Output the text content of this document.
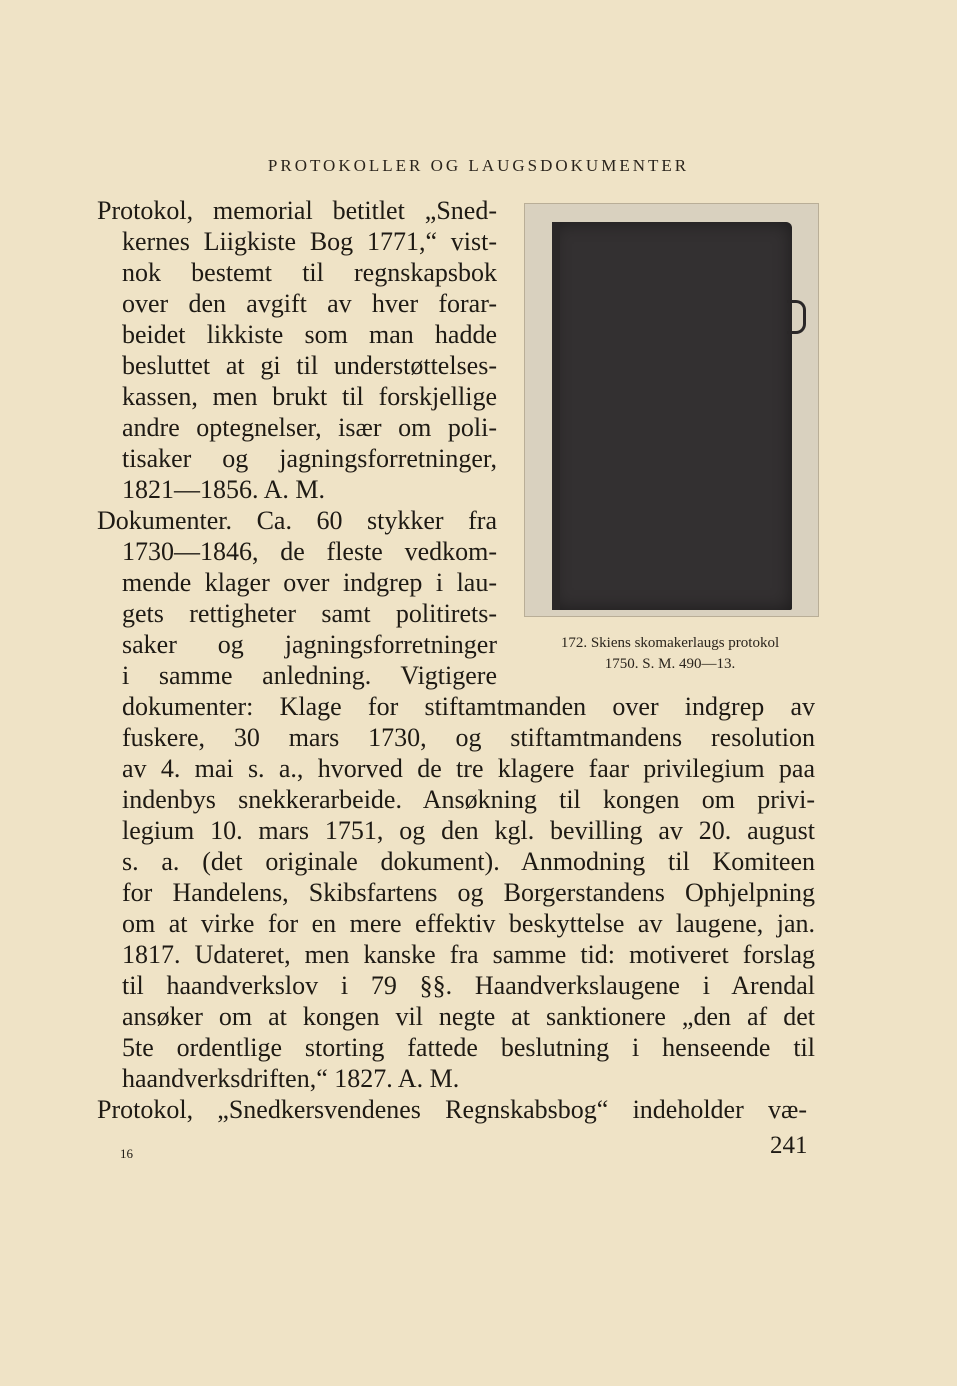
PROTOKOLLER OG LAUGSDOKUMENTER
Protokol, memorial betitlet „Sned-
kernes Liigkiste Bog 1771,“ vist-
nok bestemt til regnskapsbok
over den avgift av hver forar-
beidet likkiste som man hadde
besluttet at gi til understøttelses-
kassen, men brukt til forskjellige
andre optegnelser, især om poli-
tisaker og jagningsforretninger,
1821—1856. A. M.
Dokumenter. Ca. 60 stykker fra
1730—1846, de fleste vedkom-
mende klager over indgrep i lau-
gets rettigheter samt politirets-
saker og jagningsforretninger
i samme anledning. Vigtigere
dokumenter: Klage for stiftamtmanden over indgrep av
fuskere, 30 mars 1730, og stiftamtmandens resolution
av 4. mai s. a., hvorved de tre klagere faar privilegium paa
indenbys snekkerarbeide. Ansøkning til kongen om privi-
legium 10. mars 1751, og den kgl. bevilling av 20. august
s. a. (det originale dokument). Anmodning til Komiteen
for Handelens, Skibsfartens og Borgerstandens Ophjelpning
om at virke for en mere effektiv beskyttelse av laugene, jan.
1817. Udateret, men kanske fra samme tid: motiveret forslag
til haandverkslov i 79 §§. Haandverkslaugene i Arendal
ansøker om at kongen vil negte at sanktionere „den af det
5te ordentlige storting fattede beslutning i henseende til
haandverksdriften,“ 1827. A. M.
Protokol, „Snedkersvendenes Regnskabsbog“ indeholder væ-
172. Skiens skomakerlaugs protokol
1750. S. M. 490—13.
16	241
